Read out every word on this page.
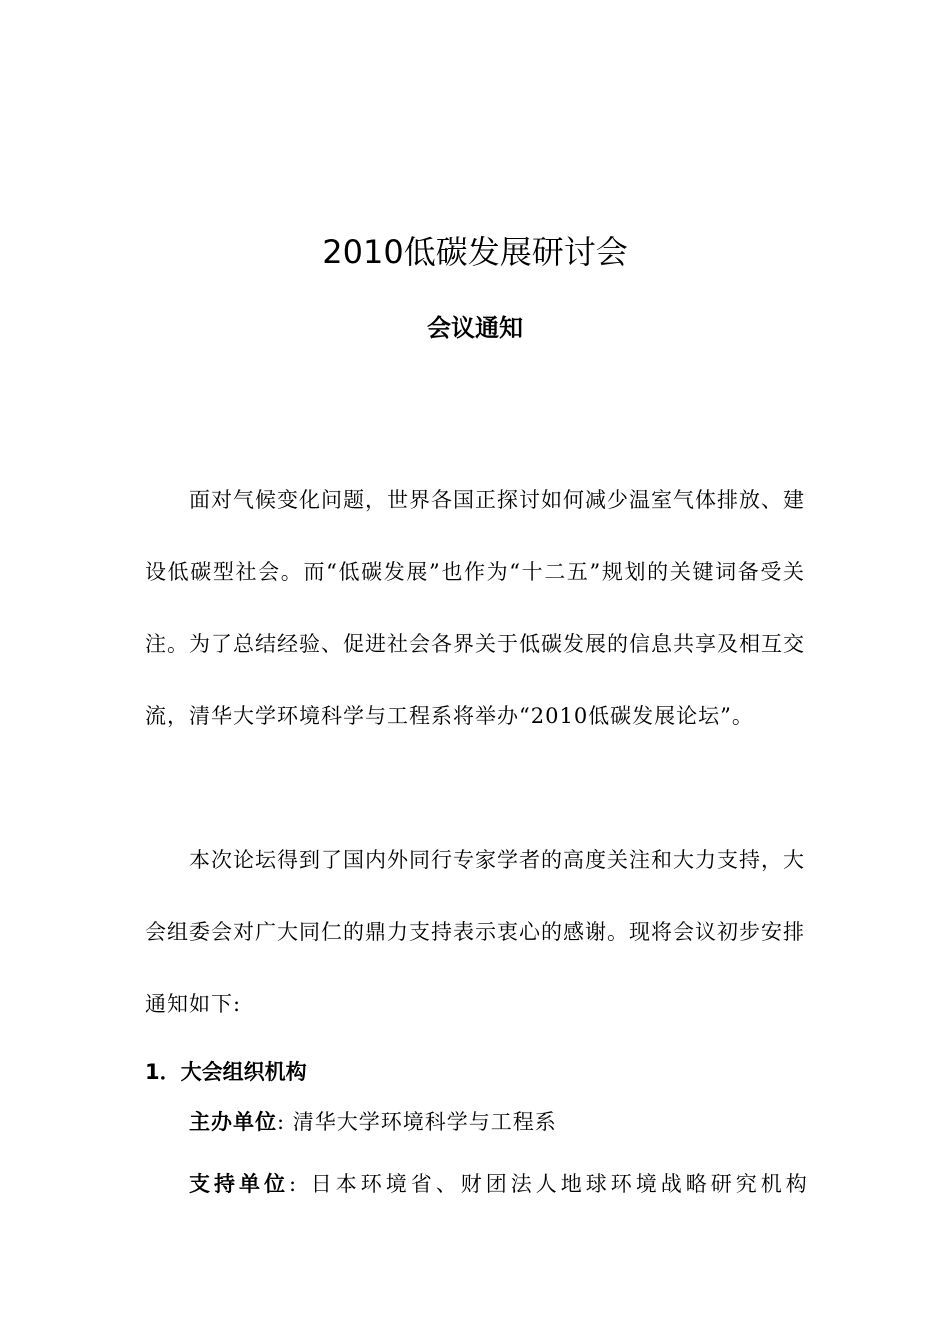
2010低碳发展研讨会
会议通知

面对气候变化问题，世界各国正探讨如何减少温室气体排放、建设低碳型社会。而“低碳发展”也作为“十二五”规划的关键词备受关注。为了总结经验、促进社会各界关于低碳发展的信息共享及相互交流，清华大学环境科学与工程系将举办“2010低碳发展论坛”。

本次论坛得到了国内外同行专家学者的高度关注和大力支持，大会组委会对广大同仁的鼎力支持表示衷心的感谢。现将会议初步安排通知如下:

1．大会组织机构
主办单位: 清华大学环境科学与工程系
支持单位: 日本环境省、财团法人地球环境战略研究机构
